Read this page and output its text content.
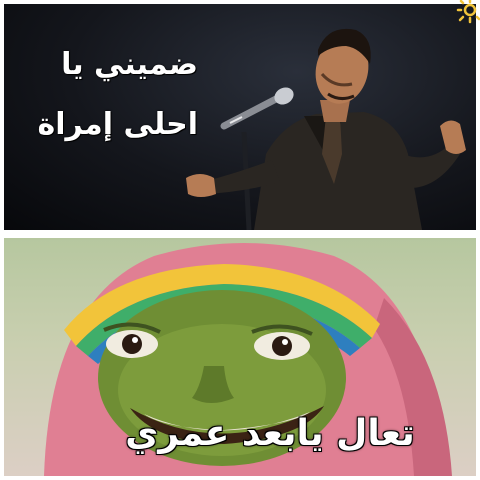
ضميني يا
احلى إمراة
تعال يابعد عمري
